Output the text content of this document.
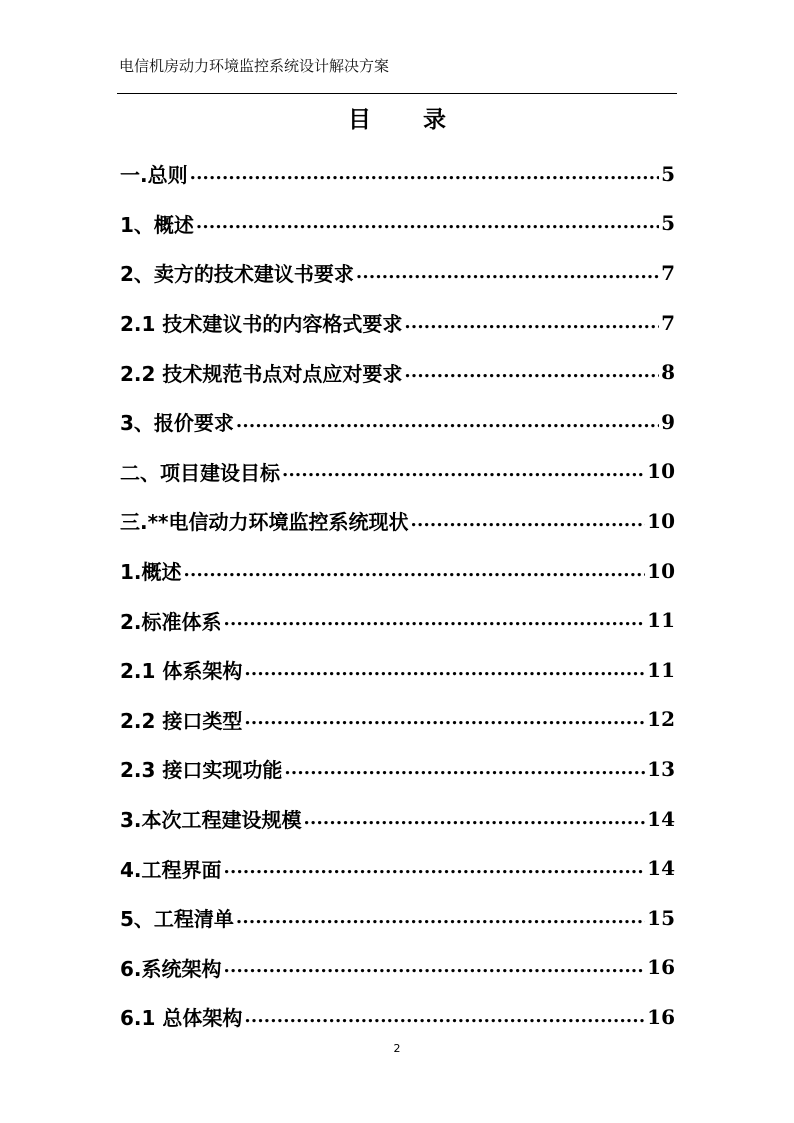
电信机房动力环境监控系统设计解决方案
目 录
一.总则 .....	5
1、概述 .....	5
2、卖方的技术建议书要求 .....	7
2.1 技术建议书的内容格式要求 .....	7
2.2 技术规范书点对点应对要求 .....	8
3、报价要求 .....	9
二、项目建设目标 .....	10
三.**电信动力环境监控系统现状 .....	10
1.概述 .....	10
2.标准体系 .....	11
2.1 体系架构 .....	11
2.2 接口类型 .....	12
2.3 接口实现功能 .....	13
3.本次工程建设规模 .....	14
4.工程界面 .....	14
5、工程清单 .....	15
6.系统架构 .....	16
6.1 总体架构 .....	16
2
